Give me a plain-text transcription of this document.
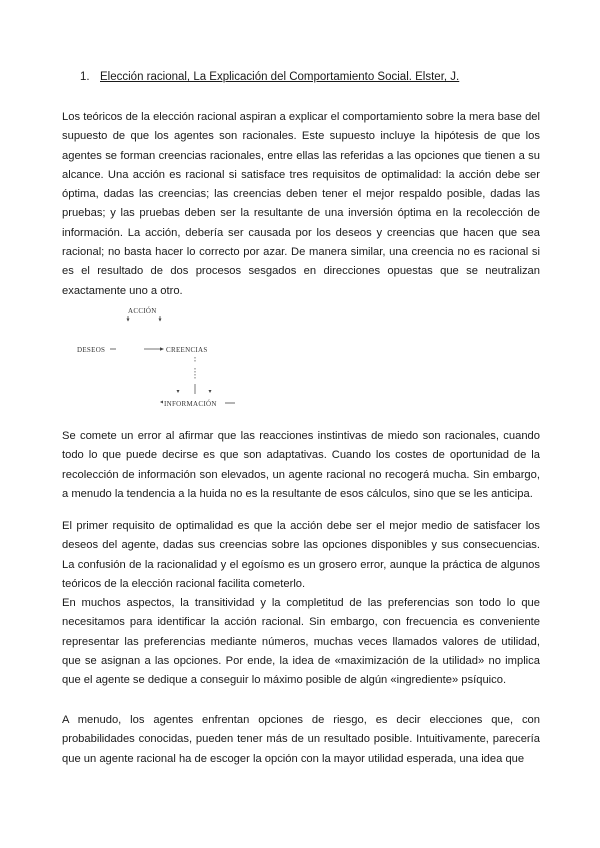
1. Elección racional, La Explicación del Comportamiento Social. Elster, J.

Los teóricos de la elección racional aspiran a explicar el comportamiento sobre la mera base del supuesto de que los agentes son racionales. Este supuesto incluye la hipótesis de que los agentes se forman creencias racionales, entre ellas las referidas a las opciones que tienen a su alcance. Una acción es racional si satisface tres requisitos de optimalidad: la acción debe ser óptima, dadas las creencias; las creencias deben tener el mejor respaldo posible, dadas las pruebas; y las pruebas deben ser la resultante de una inversión óptima en la recolección de información. La acción, debería ser causada por los deseos y creencias que hacen que sea racional; no basta hacer lo correcto por azar. De manera similar, una creencia no es racional si es el resultado de dos procesos sesgados en direcciones opuestas que se neutralizan exactamente uno a otro.

ACCIÓN
DESEOS	CREENCIAS
INFORMACIÓN

Se comete un error al afirmar que las reacciones instintivas de miedo son racionales, cuando todo lo que puede decirse es que son adaptativas. Cuando los costes de oportunidad de la recolección de información son elevados, un agente racional no recogerá mucha. Sin embargo, a menudo la tendencia a la huida no es la resultante de esos cálculos, sino que se les anticipa.

El primer requisito de optimalidad es que la acción debe ser el mejor medio de satisfacer los deseos del agente, dadas sus creencias sobre las opciones disponibles y sus consecuencias. La confusión de la racionalidad y el egoísmo es un grosero error, aunque la práctica de algunos teóricos de la elección racional facilita cometerlo.

En muchos aspectos, la transitividad y la completitud de las preferencias son todo lo que necesitamos para identificar la acción racional. Sin embargo, con frecuencia es conveniente representar las preferencias mediante números, muchas veces llamados valores de utilidad, que se asignan a las opciones. Por ende, la idea de «maximización de la utilidad» no implica que el agente se dedique a conseguir lo máximo posible de algún «ingrediente» psíquico.

A menudo, los agentes enfrentan opciones de riesgo, es decir elecciones que, con probabilidades conocidas, pueden tener más de un resultado posible. Intuitivamente, parecería que un agente racional ha de escoger la opción con la mayor utilidad esperada, una idea que
